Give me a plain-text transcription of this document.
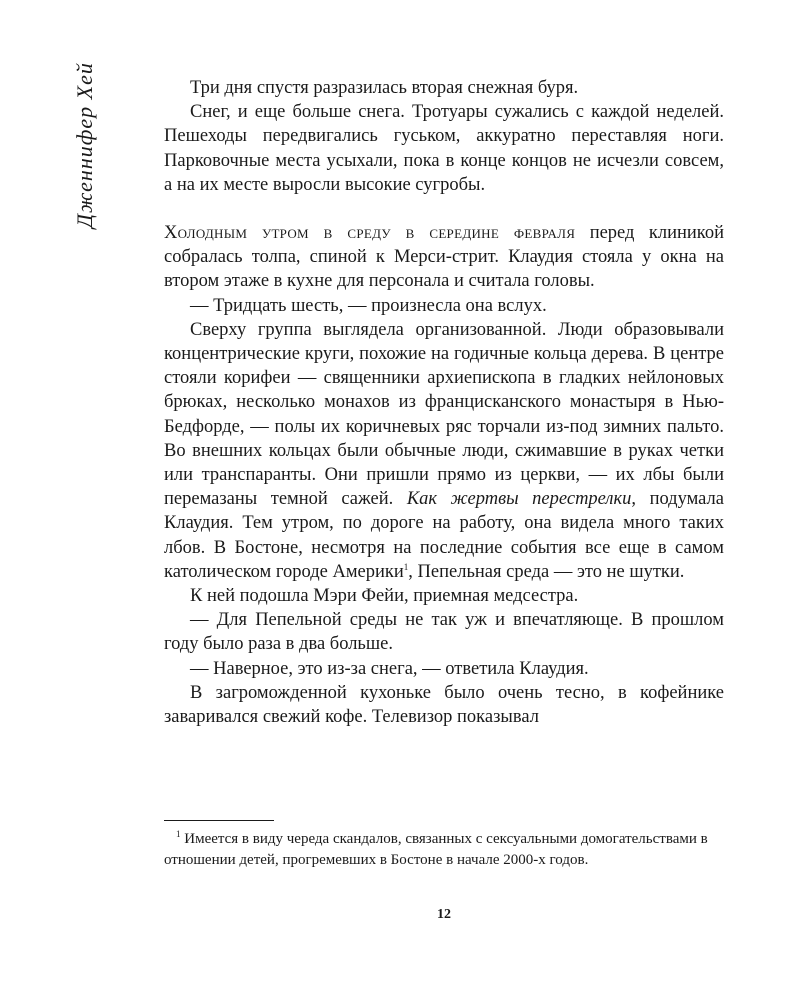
Дженнифер Хей	Три дня спустя разразилась вторая снежная буря.

Снег, и еще больше снега. Тротуары сужались с каждой неделей. Пешеходы передвигались гуськом, аккуратно переставляя ноги. Парковочные места усыхали, пока в конце концов не исчезли совсем, а на их месте выросли высокие сугробы.

Холодным утром в среду в середине февраля перед клиникой собралась толпа, спиной к Мерси-стрит. Клаудия стояла у окна на втором этаже в кухне для персонала и считала головы.

— Тридцать шесть, — произнесла она вслух.

Сверху группа выглядела организованной. Люди образовывали концентрические круги, похожие на годичные кольца дерева. В центре стояли корифеи — священники архиепископа в гладких нейлоновых брюках, несколько монахов из францисканского монастыря в Нью-Бедфорде, — полы их коричневых ряс торчали из-под зимних пальто. Во внешних кольцах были обычные люди, сжимавшие в руках четки или транспаранты. Они пришли прямо из церкви, — их лбы были перемазаны темной сажей. Как жертвы перестрелки, подумала Клаудия. Тем утром, по дороге на работу, она видела много таких лбов. В Бостоне, несмотря на последние события все еще в самом католическом городе Америки$^1$, Пепельная среда — это не шутки.

К ней подошла Мэри Фейи, приемная медсестра.

— Для Пепельной среды не так уж и впечатляюще. В прошлом году было раза в два больше.

— Наверное, это из-за снега, — ответила Клаудия.

В загроможденной кухоньке было очень тесно, в кофейнике заваривался свежий кофе. Телевизор показывал

$^1$ Имеется в виду череда скандалов, связанных с сексуальными домогательствами в отношении детей, прогремевших в Бостоне в начале 2000-х годов.

12
